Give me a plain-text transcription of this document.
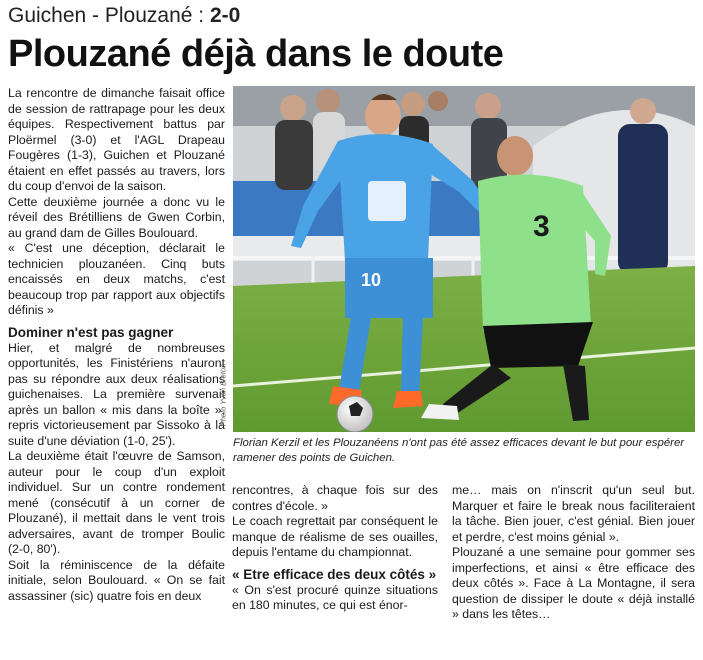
Guichen - Plouzané : 2-0
Plouzané déjà dans le doute

La rencontre de dimanche faisait office de session de rattrapage pour les deux équipes. Respectivement battus par Ploërmel (3-0) et l'AGL Drapeau Fougères (1-3), Guichen et Plouzané étaient en effet passés au travers, lors du coup d'envoi de la saison.

Cette deuxième journée a donc vu le réveil des Brétilliens de Gwen Corbin, au grand dam de Gilles Boulouard.

« C'est une déception, déclarait le technicien plouzanéen. Cinq buts encaissés en deux matchs, c'est beaucoup trop par rapport aux objectifs définis »

Dominer n'est pas gagner

Hier, et malgré de nombreuses opportunités, les Finistériens n'auront pas su répondre aux deux réalisations guichenaises. La première survenait après un ballon « mis dans la boîte », repris victorieusement par Sissoko à la suite d'une déviation (1-0, 25').

La deuxième était l'œuvre de Samson, auteur pour le coup d'un exploit individuel. Sur un contre rondement mené (consécutif à un corner de Plouzané), il mettait dans le vent trois adversaires, avant de tromper Boulic (2-0, 80').

Soit la réminiscence de la défaite initiale, selon Boulouard. « On se fait assassiner (sic) quatre fois en deux

Photo Yvan Breton
10
3
Florian Kerzil et les Plouzanéens n'ont pas été assez efficaces devant le but pour espérer ramener des points de Guichen.

rencontres, à chaque fois sur des contres d'école. »

Le coach regrettait par conséquent le manque de réalisme de ses ouailles, depuis l'entame du championnat.

« Etre efficace des deux côtés »

« On s'est procuré quinze situations en 180 minutes, ce qui est énor-

me… mais on n'inscrit qu'un seul but. Marquer et faire le break nous faciliteraient la tâche. Bien jouer, c'est génial. Bien jouer et perdre, c'est moins génial ».

Plouzané a une semaine pour gommer ses imperfections, et ainsi « être efficace des deux côtés ». Face à La Montagne, il sera question de dissiper le doute « déjà installé » dans les têtes…
